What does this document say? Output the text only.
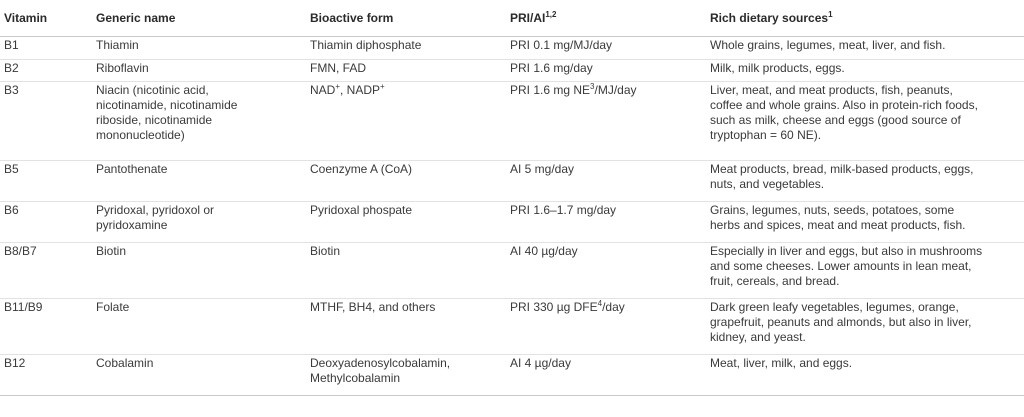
Vitamin	Generic name	Bioactive form	PRI/AI$^{1,2}$	Rich dietary sources$^1$
B1	Thiamin	Thiamin diphosphate	PRI 0.1 mg/MJ/day	Whole grains, legumes, meat, liver, and fish.
B2	Riboflavin	FMN, FAD	PRI 1.6 mg/day	Milk, milk products, eggs.
B3	Niacin (nicotinic acid,
nicotinamide, nicotinamide
riboside, nicotinamide
mononucleotide)	NAD+, NADP+	PRI 1.6 mg $NE^3/MJ$/day	Liver, meat, and meat products, fish, peanuts,
coffee and whole grains. Also in protein-rich foods,
such as milk, cheese and eggs (good source of
tryptophan = 60 NE).
B5	Pantothenate	Coenzyme A (CoA)	AI 5 mg/day	Meat products, bread, milk-based products, eggs,
nuts, and vegetables.
B6	Pyridoxal, pyridoxol or
pyridoxamine	Pyridoxal phospate	PRI 1.6–1.7 mg/day	Grains, legumes, nuts, seeds, potatoes, some
herbs and spices, meat and meat products, fish.
B8/B7	Biotin	Biotin	AI 40 µg/day	Especially in liver and eggs, but also in mushrooms
and some cheeses. Lower amounts in lean meat,
fruit, cereals, and bread.
B11/B9	Folate	MTHF, BH4, and others	PRI 330 µg DFE$^4$/day	Dark green leafy vegetables, legumes, orange,
grapefruit, peanuts and almonds, but also in liver,
kidney, and yeast.
B12	Cobalamin	Deoxyadenosylcobalamin,
Methylcobalamin	AI 4 µg/day	Meat, liver, milk, and eggs.
